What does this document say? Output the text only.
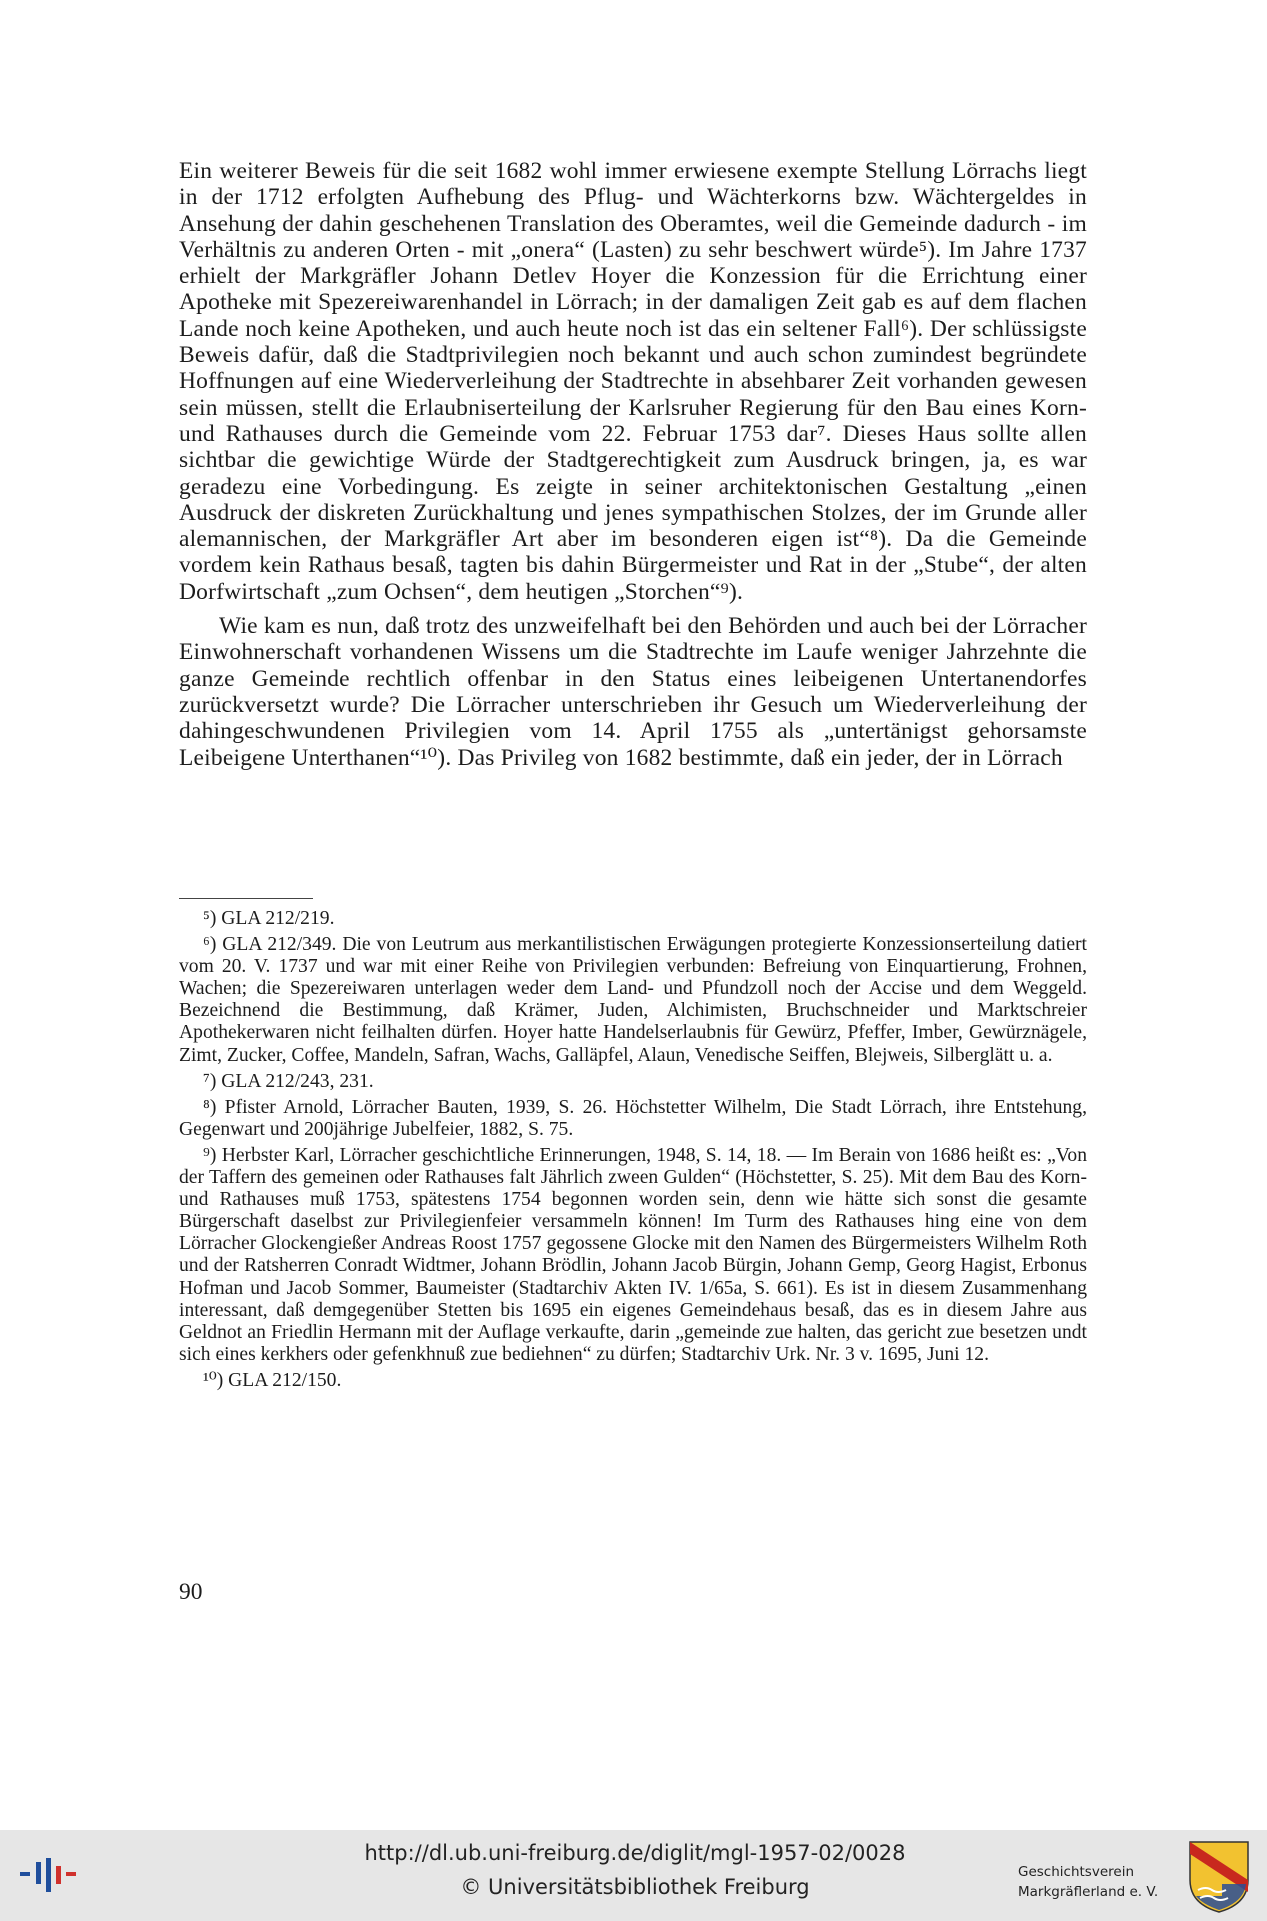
Ein weiterer Beweis für die seit 1682 wohl immer erwiesene exempte Stellung Lörrachs liegt in der 1712 erfolgten Aufhebung des Pflug- und Wächterkorns bzw. Wächtergeldes in Ansehung der dahin geschehenen Translation des Oberamtes, weil die Gemeinde dadurch - im Verhältnis zu anderen Orten - mit „onera“ (Lasten) zu sehr beschwert würde⁵). Im Jahre 1737 erhielt der Markgräfler Johann Detlev Hoyer die Konzession für die Errichtung einer Apotheke mit Spezereiwarenhandel in Lörrach; in der damaligen Zeit gab es auf dem flachen Lande noch keine Apotheken, und auch heute noch ist das ein seltener Fall⁶). Der schlüssigste Beweis dafür, daß die Stadtprivilegien noch bekannt und auch schon zumindest begründete Hoffnungen auf eine Wiederverleihung der Stadtrechte in absehbarer Zeit vorhanden gewesen sein müssen, stellt die Erlaubniserteilung der Karlsruher Regierung für den Bau eines Korn- und Rathauses durch die Gemeinde vom 22. Februar 1753 dar⁷. Dieses Haus sollte allen sichtbar die gewichtige Würde der Stadtgerechtigkeit zum Ausdruck bringen, ja, es war geradezu eine Vorbedingung. Es zeigte in seiner architektonischen Gestaltung „einen Ausdruck der diskreten Zurückhaltung und jenes sympathischen Stolzes, der im Grunde aller alemannischen, der Markgräfler Art aber im besonderen eigen ist“⁸). Da die Gemeinde vordem kein Rathaus besaß, tagten bis dahin Bürgermeister und Rat in der „Stube“, der alten Dorfwirtschaft „zum Ochsen“, dem heutigen „Storchen“⁹).

Wie kam es nun, daß trotz des unzweifelhaft bei den Behörden und auch bei der Lörracher Einwohnerschaft vorhandenen Wissens um die Stadtrechte im Laufe weniger Jahrzehnte die ganze Gemeinde rechtlich offenbar in den Status eines leibeigenen Untertanendorfes zurückversetzt wurde? Die Lörracher unterschrieben ihr Gesuch um Wiederverleihung der dahingeschwundenen Privilegien vom 14. April 1755 als „untertänigst gehorsamste Leibeigene Unterthanen“¹⁰). Das Privileg von 1682 bestimmte, daß ein jeder, der in Lörrach

⁵) GLA 212/219.

⁶) GLA 212/349. Die von Leutrum aus merkantilistischen Erwägungen protegierte Konzessionserteilung datiert vom 20. V. 1737 und war mit einer Reihe von Privilegien verbunden: Befreiung von Einquartierung, Frohnen, Wachen; die Spezereiwaren unterlagen weder dem Land- und Pfundzoll noch der Accise und dem Weggeld. Bezeichnend die Bestimmung, daß Krämer, Juden, Alchimisten, Bruchschneider und Marktschreier Apothekerwaren nicht feilhalten dürfen. Hoyer hatte Handelserlaubnis für Gewürz, Pfeffer, Imber, Gewürznägele, Zimt, Zucker, Coffee, Mandeln, Safran, Wachs, Galläpfel, Alaun, Venedische Seiffen, Blejweis, Silberglätt u. a.

⁷) GLA 212/243, 231.

⁸) Pfister Arnold, Lörracher Bauten, 1939, S. 26. Höchstetter Wilhelm, Die Stadt Lörrach, ihre Entstehung, Gegenwart und 200jährige Jubelfeier, 1882, S. 75.

⁹) Herbster Karl, Lörracher geschichtliche Erinnerungen, 1948, S. 14, 18. — Im Berain von 1686 heißt es: „Von der Taffern des gemeinen oder Rathauses falt Jährlich zween Gulden“ (Höchstetter, S. 25). Mit dem Bau des Korn- und Rathauses muß 1753, spätestens 1754 begonnen worden sein, denn wie hätte sich sonst die gesamte Bürgerschaft daselbst zur Privilegienfeier versammeln können! Im Turm des Rathauses hing eine von dem Lörracher Glockengießer Andreas Roost 1757 gegossene Glocke mit den Namen des Bürgermeisters Wilhelm Roth und der Ratsherren Conradt Widtmer, Johann Brödlin, Johann Jacob Bürgin, Johann Gemp, Georg Hagist, Erbonus Hofman und Jacob Sommer, Baumeister (Stadtarchiv Akten IV. 1/65a, S. 661). Es ist in diesem Zusammenhang interessant, daß demgegenüber Stetten bis 1695 ein eigenes Gemeindehaus besaß, das es in diesem Jahre aus Geldnot an Friedlin Hermann mit der Auflage verkaufte, darin „gemeinde zue halten, das gericht zue besetzen undt sich eines kerkhers oder gefenkhnuß zue bediehnen“ zu dürfen; Stadtarchiv Urk. Nr. 3 v. 1695, Juni 12.

¹⁰) GLA 212/150.

90
http://dl.ub.uni-freiburg.de/diglit/mgl-1957-02/0028
© Universitätsbibliothek Freiburg
Geschichtsverein
Markgräflerland e. V.
